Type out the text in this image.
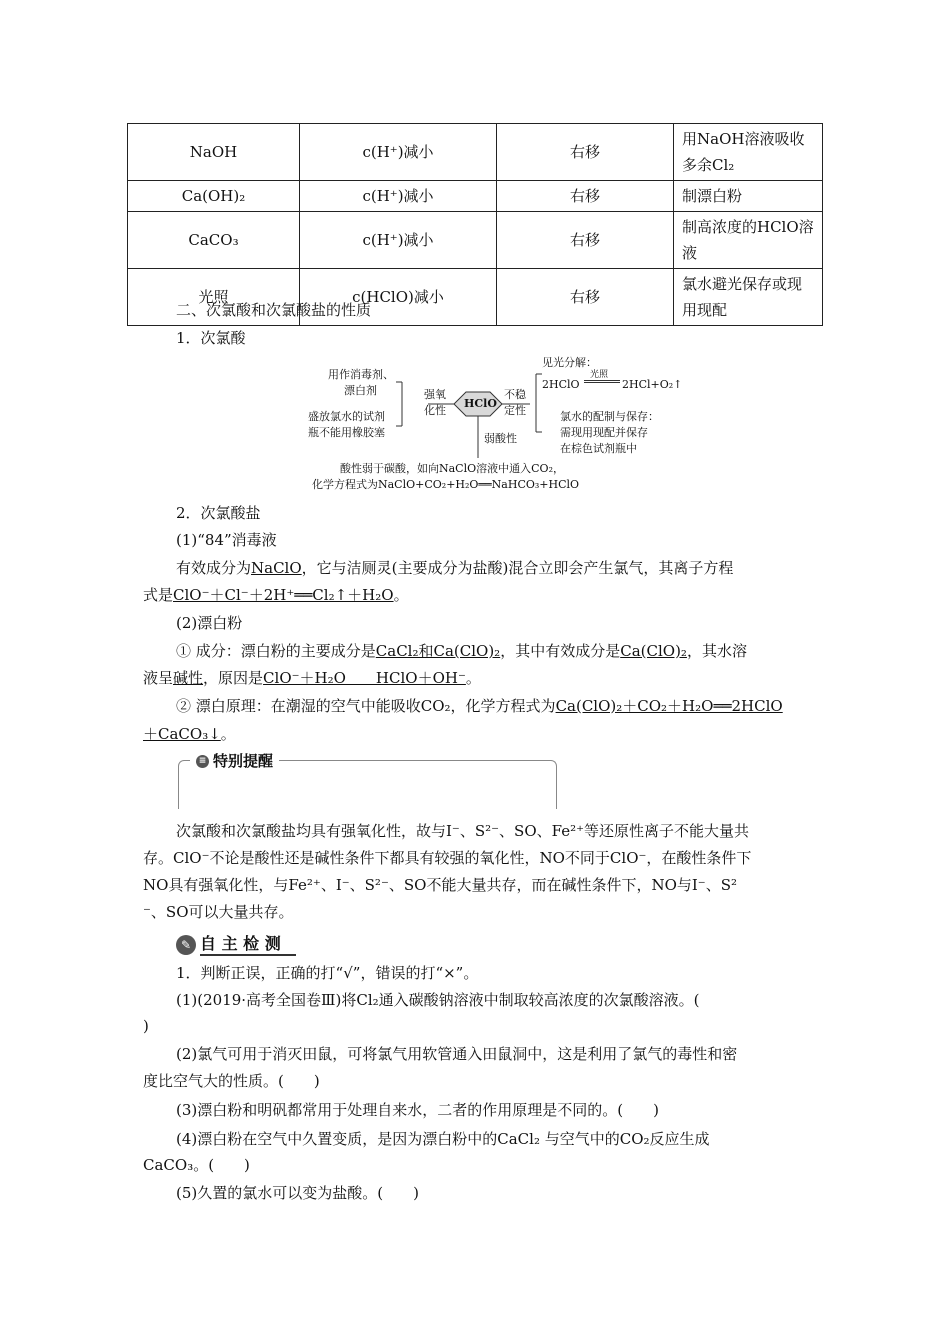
NaOH	c(H⁺)减小	右移	用NaOH溶液吸收多余Cl₂
Ca(OH)₂	c(H⁺)减小	右移	制漂白粉
CaCO₃	c(H⁺)减小	右移	制高浓度的HClO溶液
光照	c(HClO)减小	右移	氯水避光保存或现用现配
二、次氯酸和次氯酸盐的性质
1．次氯酸
用作消毒剂、
漂白剂
盛放氯水的试剂
瓶不能用橡胶塞
强氧
化性
HClO
不稳
定性
见光分解：
2HClO
光照
2HCl+O₂↑
氯水的配制与保存：
需现用现配并保存
在棕色试剂瓶中
弱酸性
酸性弱于碳酸，如向NaClO溶液中通入CO₂，
化学方程式为NaClO+CO₂+H₂O══NaHCO₃+HClO
2．次氯酸盐
(1)“84”消毒液
有效成分为NaClO，它与洁厕灵(主要成分为盐酸)混合立即会产生氯气，其离子方程
式是ClO⁻＋Cl⁻＋2H⁺══Cl₂↑＋H₂O。
(2)漂白粉
① 成分：漂白粉的主要成分是CaCl₂和Ca(ClO)₂，其中有效成分是Ca(ClO)₂，其水溶
液呈碱性，原因是ClO⁻＋H₂O　　HClO＋OH⁻。
② 漂白原理：在潮湿的空气中能吸收CO₂，化学方程式为Ca(ClO)₂＋CO₂＋H₂O══2HClO
＋CaCO₃↓。
≡ 特别提醒
次氯酸和次氯酸盐均具有强氧化性，故与I⁻、S²⁻、SO、Fe²⁺等还原性离子不能大量共
存。ClO⁻不论是酸性还是碱性条件下都具有较强的氧化性，NO不同于ClO⁻，在酸性条件下
NO具有强氧化性，与Fe²⁺、I⁻、S²⁻、SO不能大量共存，而在碱性条件下，NO与I⁻、S²
⁻、SO可以大量共存。
✎ 自 主 检 测
1．判断正误，正确的打“√”，错误的打“×”。
(1)(2019·高考全国卷Ⅲ)将Cl₂通入碳酸钠溶液中制取较高浓度的次氯酸溶液。(
)
(2)氯气可用于消灭田鼠，可将氯气用软管通入田鼠洞中，这是利用了氯气的毒性和密
度比空气大的性质。(　　)
(3)漂白粉和明矾都常用于处理自来水，二者的作用原理是不同的。(　　)
(4)漂白粉在空气中久置变质，是因为漂白粉中的CaCl₂ 与空气中的CO₂反应生成
CaCO₃。(　　)
(5)久置的氯水可以变为盐酸。(　　)
